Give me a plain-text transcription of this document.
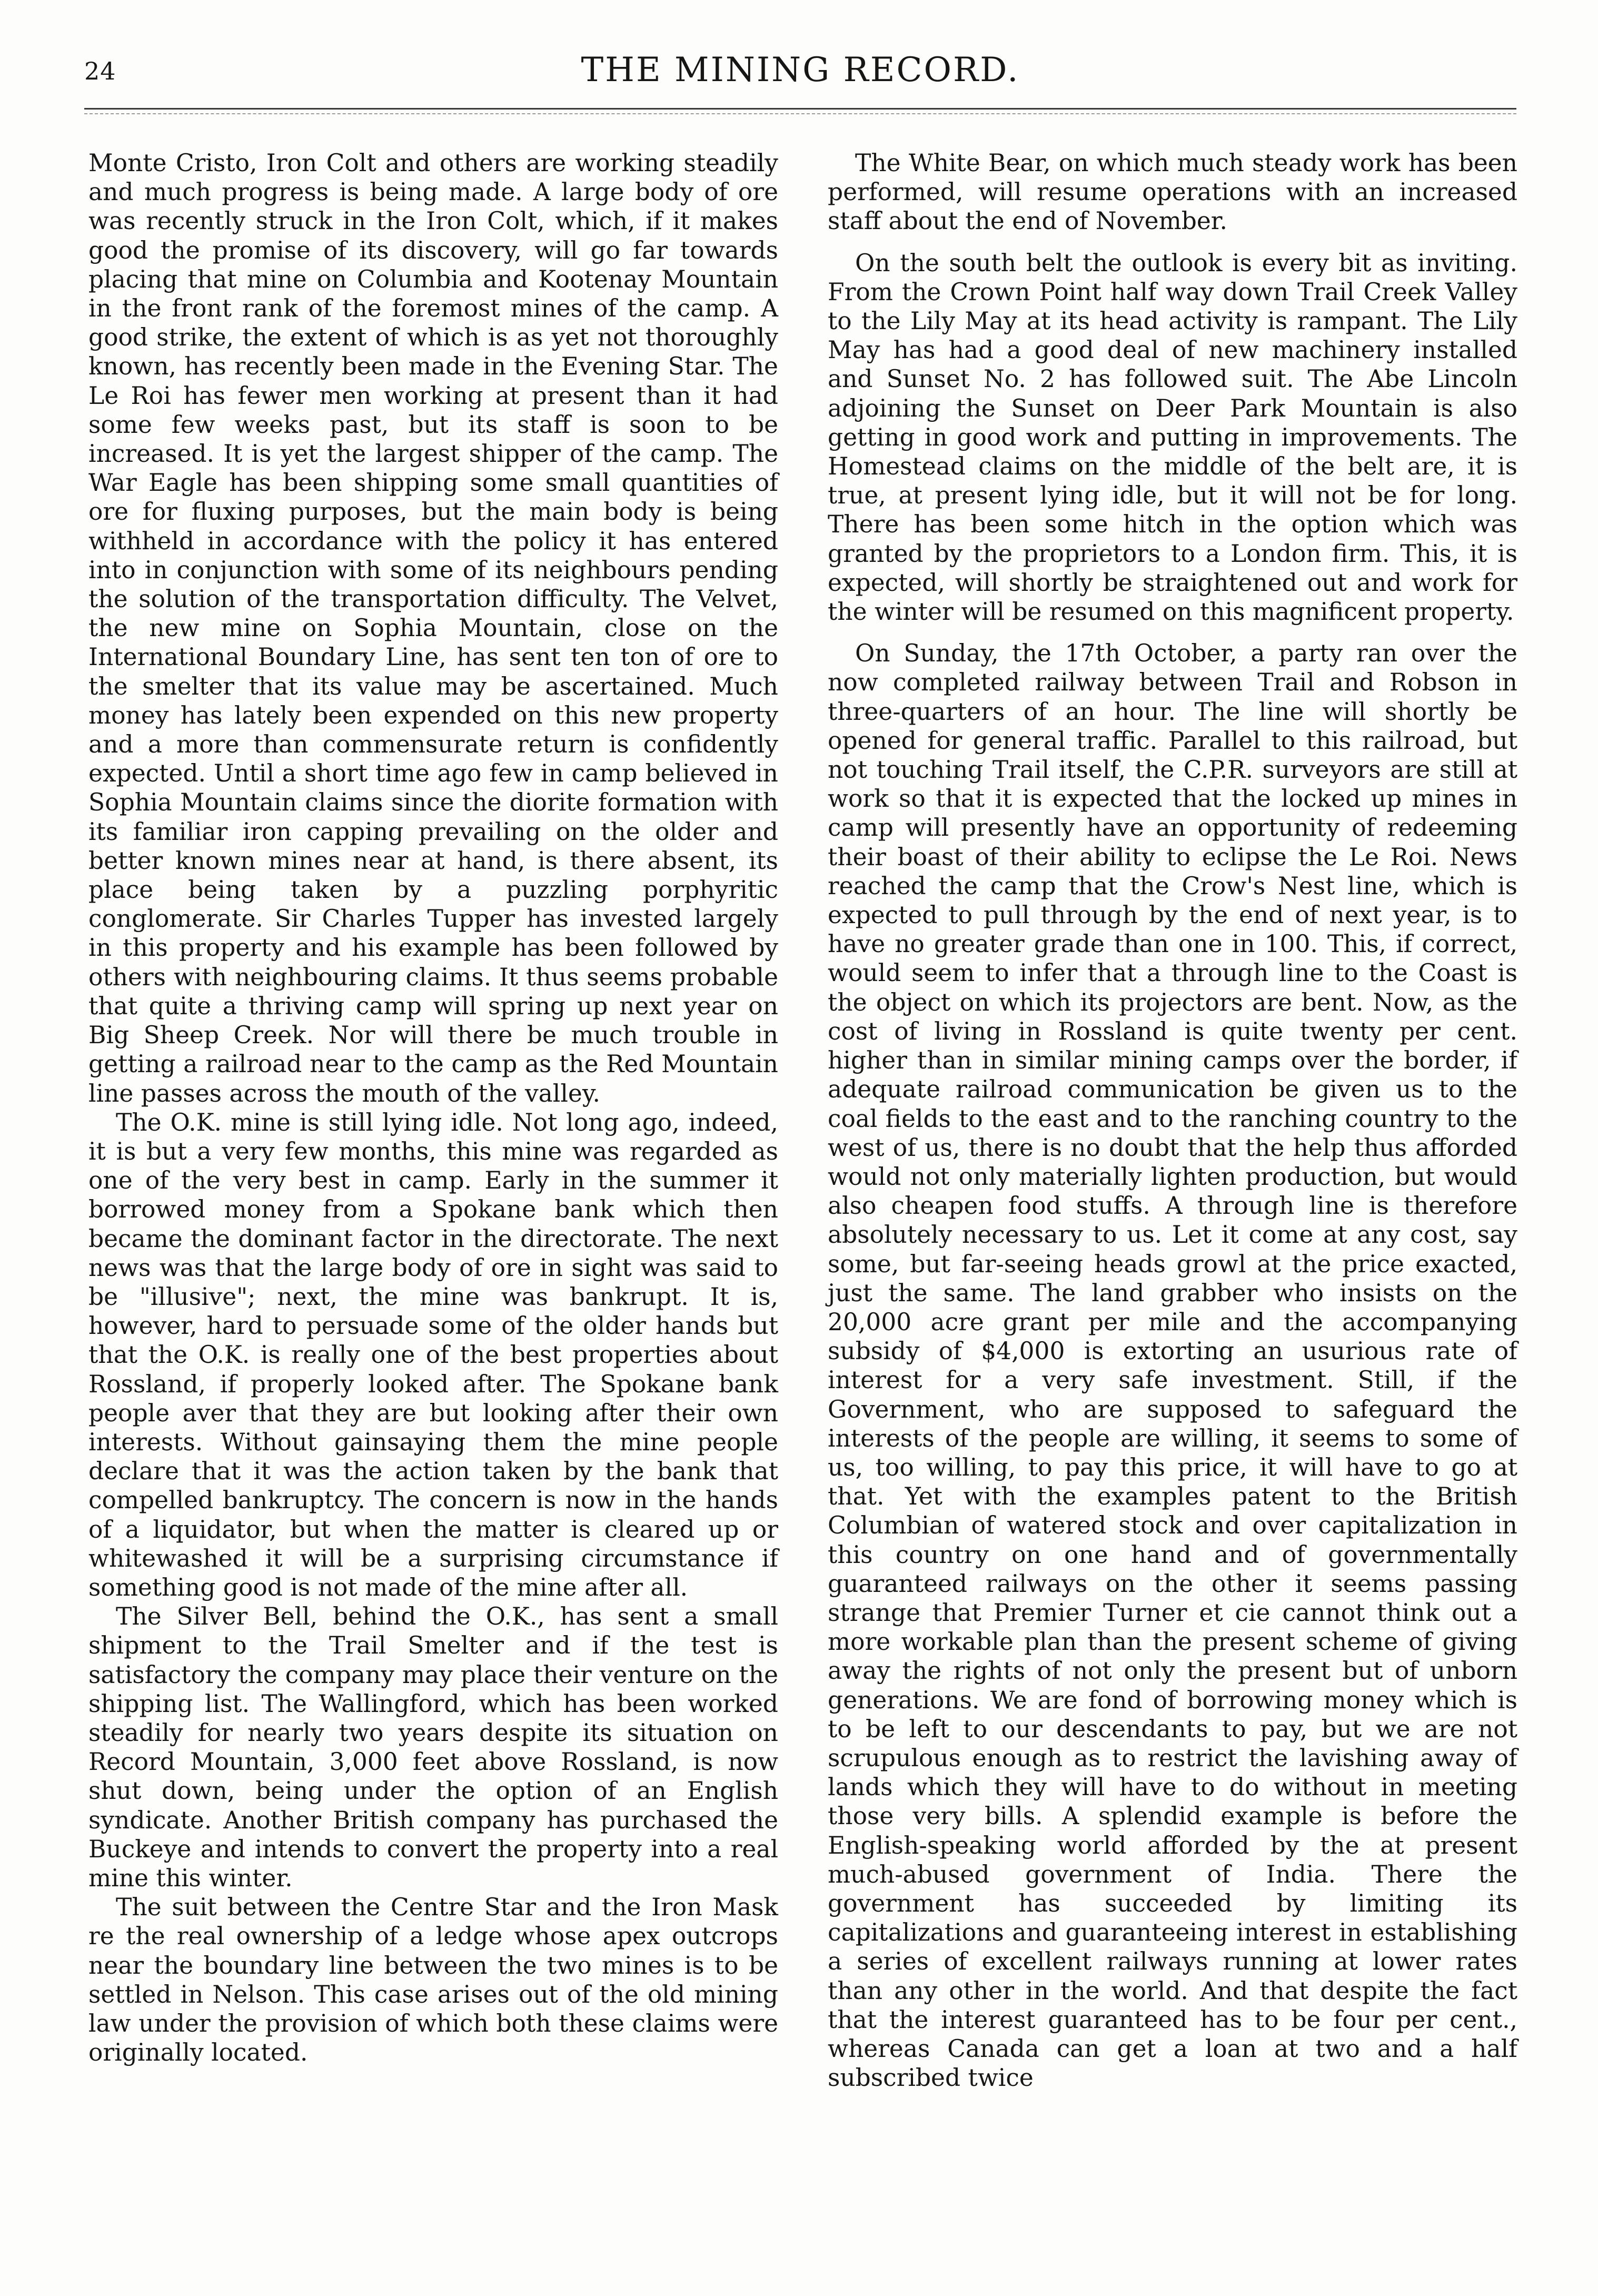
24	THE MINING RECORD.

Monte Cristo, Iron Colt and others are working steadily and much progress is being made. A large body of ore was recently struck in the Iron Colt, which, if it makes good the promise of its discovery, will go far towards placing that mine on Columbia and Kootenay Mountain in the front rank of the foremost mines of the camp. A good strike, the extent of which is as yet not thoroughly known, has recently been made in the Evening Star. The Le Roi has fewer men working at present than it had some few weeks past, but its staff is soon to be increased. It is yet the largest shipper of the camp. The War Eagle has been shipping some small quantities of ore for fluxing purposes, but the main body is being withheld in accordance with the policy it has entered into in conjunction with some of its neighbours pending the solution of the transportation difficulty. The Velvet, the new mine on Sophia Mountain, close on the International Boundary Line, has sent ten ton of ore to the smelter that its value may be ascertained. Much money has lately been expended on this new property and a more than commensurate return is confidently expected. Until a short time ago few in camp believed in Sophia Mountain claims since the diorite formation with its familiar iron capping prevailing on the older and better known mines near at hand, is there absent, its place being taken by a puzzling porphyritic conglomerate. Sir Charles Tupper has invested largely in this property and his example has been followed by others with neighbouring claims. It thus seems probable that quite a thriving camp will spring up next year on Big Sheep Creek. Nor will there be much trouble in getting a railroad near to the camp as the Red Mountain line passes across the mouth of the valley.

The O.K. mine is still lying idle. Not long ago, indeed, it is but a very few months, this mine was regarded as one of the very best in camp. Early in the summer it borrowed money from a Spokane bank which then became the dominant factor in the directorate. The next news was that the large body of ore in sight was said to be "illusive"; next, the mine was bankrupt. It is, however, hard to persuade some of the older hands but that the O.K. is really one of the best properties about Rossland, if properly looked after. The Spokane bank people aver that they are but looking after their own interests. Without gainsaying them the mine people declare that it was the action taken by the bank that compelled bankruptcy. The concern is now in the hands of a liquidator, but when the matter is cleared up or whitewashed it will be a surprising circumstance if something good is not made of the mine after all.

The Silver Bell, behind the O.K., has sent a small shipment to the Trail Smelter and if the test is satisfactory the company may place their venture on the shipping list. The Wallingford, which has been worked steadily for nearly two years despite its situation on Record Mountain, 3,000 feet above Rossland, is now shut down, being under the option of an English syndicate. Another British company has purchased the Buckeye and intends to convert the property into a real mine this winter.

The suit between the Centre Star and the Iron Mask re the real ownership of a ledge whose apex outcrops near the boundary line between the two mines is to be settled in Nelson. This case arises out of the old mining law under the provision of which both these claims were originally located.

The White Bear, on which much steady work has been performed, will resume operations with an increased staff about the end of November.

On the south belt the outlook is every bit as inviting. From the Crown Point half way down Trail Creek Valley to the Lily May at its head activity is rampant. The Lily May has had a good deal of new machinery installed and Sunset No. 2 has followed suit. The Abe Lincoln adjoining the Sunset on Deer Park Mountain is also getting in good work and putting in improvements. The Homestead claims on the middle of the belt are, it is true, at present lying idle, but it will not be for long. There has been some hitch in the option which was granted by the proprietors to a London firm. This, it is expected, will shortly be straightened out and work for the winter will be resumed on this magnificent property.

On Sunday, the 17th October, a party ran over the now completed railway between Trail and Robson in three-quarters of an hour. The line will shortly be opened for general traffic. Parallel to this railroad, but not touching Trail itself, the C.P.R. surveyors are still at work so that it is expected that the locked up mines in camp will presently have an opportunity of redeeming their boast of their ability to eclipse the Le Roi. News reached the camp that the Crow's Nest line, which is expected to pull through by the end of next year, is to have no greater grade than one in 100. This, if correct, would seem to infer that a through line to the Coast is the object on which its projectors are bent. Now, as the cost of living in Rossland is quite twenty per cent. higher than in similar mining camps over the border, if adequate railroad communication be given us to the coal fields to the east and to the ranching country to the west of us, there is no doubt that the help thus afforded would not only materially lighten production, but would also cheapen food stuffs. A through line is therefore absolutely necessary to us. Let it come at any cost, say some, but far-seeing heads growl at the price exacted, just the same. The land grabber who insists on the 20,000 acre grant per mile and the accompanying subsidy of $4,000 is extorting an usurious rate of interest for a very safe investment. Still, if the Government, who are supposed to safeguard the interests of the people are willing, it seems to some of us, too willing, to pay this price, it will have to go at that. Yet with the examples patent to the British Columbian of watered stock and over capitalization in this country on one hand and of governmentally guaranteed railways on the other it seems passing strange that Premier Turner et cie cannot think out a more workable plan than the present scheme of giving away the rights of not only the present but of unborn generations. We are fond of borrowing money which is to be left to our descendants to pay, but we are not scrupulous enough as to restrict the lavishing away of lands which they will have to do without in meeting those very bills. A splendid example is before the English-speaking world afforded by the at present much-abused government of India. There the government has succeeded by limiting its capitalizations and guaranteeing interest in establishing a series of excellent railways running at lower rates than any other in the world. And that despite the fact that the interest guaranteed has to be four per cent., whereas Canada can get a loan at two and a half subscribed twice
